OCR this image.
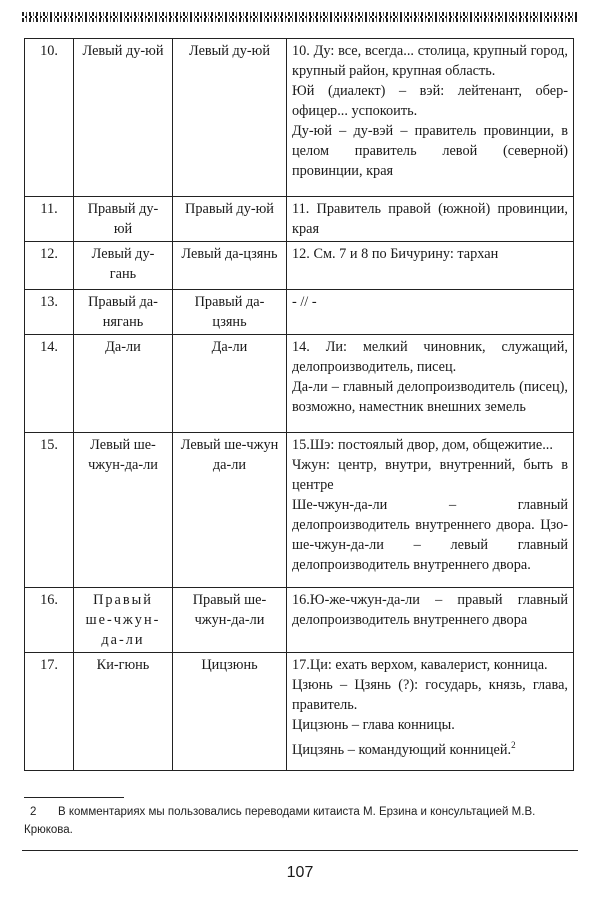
10.	Левый ду-юй	Левый ду-юй	10. Ду: все, всегда... столица, крупный город, крупный район, крупная область.

Юй (диалект) – вэй: лейтенант, обер-офицер... успокоить.

Ду-юй – ду-вэй – правитель провинции, в целом правитель левой (северной) провинции, края

11.	Правый ду-юй	Правый ду-юй	11. Правитель правой (южной) провинции, края

12.	Левый ду-гань	Левый да-цзянь	12. См. 7 и 8 по Бичурину: тархан

13.	Правый да-нягань	Правый да-цзянь	- // -

14.	Да-ли	Да-ли	14. Ли: мелкий чиновник, служащий, делопроизводитель, писец.

Да-ли – главный делопроизводитель (писец), возможно, наместник внешних земель

15.	Левый ше-чжун-да-ли	Левый ше-чжун да-ли	15.Шэ: постоялый двор, дом, общежитие...

Чжун: центр, внутри, внутренний, быть в центре

Ше-чжун-да-ли – главный делопроизводитель внутреннего двора. Цзо-ше-чжун-да-ли – левый главный делопроизводитель внутреннего двора.

16.	Правый ше-чжун-да-ли	Правый ше-чжун-да-ли	16.Ю-же-чжун-да-ли – правый главный делопроизводитель внутреннего двора

17.	Ки-гюнь	Цицзюнь	17.Ци: ехать верхом, кавалерист, конница.

Цзюнь – Цзянь (?): государь, князь, глава, правитель.

Цицзюнь – глава конницы.

Цицзянь – командующий конницей.$^2$

2 В комментариях мы пользовались переводами китаиста М. Ерзина и консультацией М.В. Крюкова.
107
